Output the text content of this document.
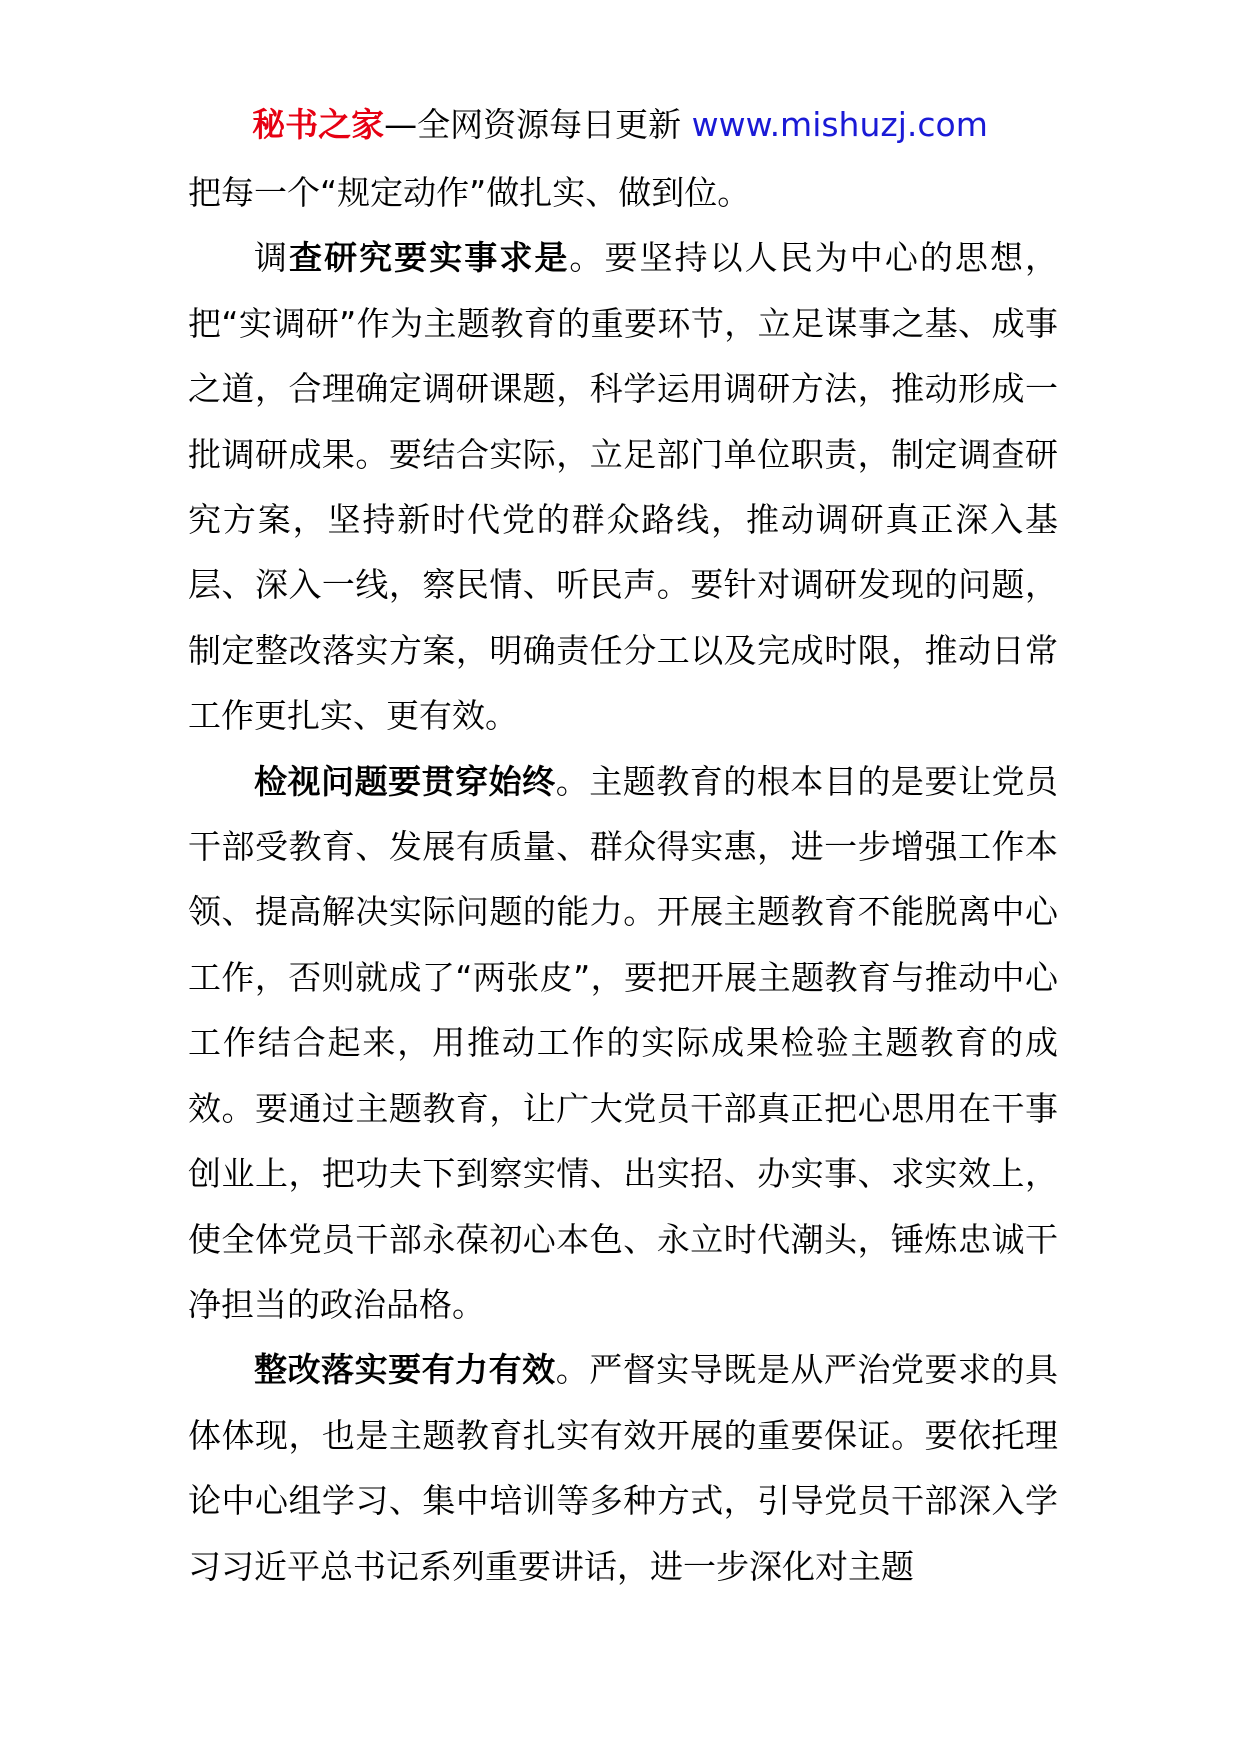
秘书之家—全网资源每日更新 www.mishuzj.com

把每一个“规定动作”做扎实、做到位。

调查研究要实事求是。要坚持以人民为中心的思想，把“实调研”作为主题教育的重要环节，立足谋事之基、成事之道，合理确定调研课题，科学运用调研方法，推动形成一批调研成果。要结合实际，立足部门单位职责，制定调查研究方案，坚持新时代党的群众路线，推动调研真正深入基层、深入一线，察民情、听民声。要针对调研发现的问题，制定整改落实方案，明确责任分工以及完成时限，推动日常工作更扎实、更有效。

检视问题要贯穿始终。主题教育的根本目的是要让党员干部受教育、发展有质量、群众得实惠，进一步增强工作本领、提高解决实际问题的能力。开展主题教育不能脱离中心工作，否则就成了“两张皮”，要把开展主题教育与推动中心工作结合起来，用推动工作的实际成果检验主题教育的成效。要通过主题教育，让广大党员干部真正把心思用在干事创业上，把功夫下到察实情、出实招、办实事、求实效上，使全体党员干部永葆初心本色、永立时代潮头，锤炼忠诚干净担当的政治品格。

整改落实要有力有效。严督实导既是从严治党要求的具体体现，也是主题教育扎实有效开展的重要保证。要依托理论中心组学习、集中培训等多种方式，引导党员干部深入学习习近平总书记系列重要讲话，进一步深化对主题
